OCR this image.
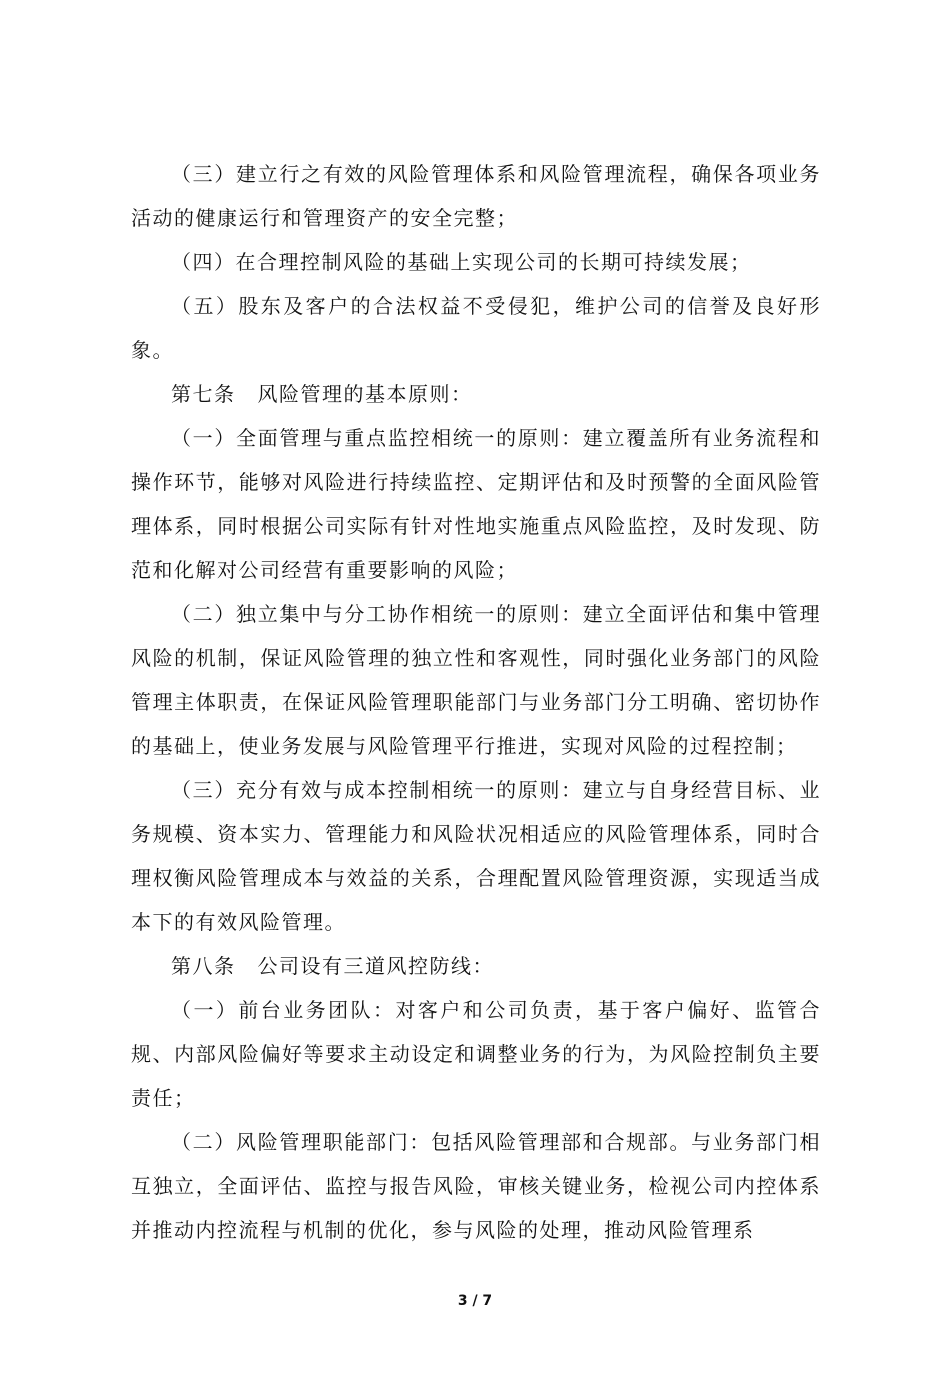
（三）建立行之有效的风险管理体系和风险管理流程，确保各项业务活动的健康运行和管理资产的安全完整；

（四）在合理控制风险的基础上实现公司的长期可持续发展；

（五）股东及客户的合法权益不受侵犯，维护公司的信誉及良好形象。

第七条 风险管理的基本原则：

（一）全面管理与重点监控相统一的原则：建立覆盖所有业务流程和操作环节，能够对风险进行持续监控、定期评估和及时预警的全面风险管理体系，同时根据公司实际有针对性地实施重点风险监控，及时发现、防范和化解对公司经营有重要影响的风险；

（二）独立集中与分工协作相统一的原则：建立全面评估和集中管理风险的机制，保证风险管理的独立性和客观性，同时强化业务部门的风险管理主体职责，在保证风险管理职能部门与业务部门分工明确、密切协作的基础上，使业务发展与风险管理平行推进，实现对风险的过程控制；

（三）充分有效与成本控制相统一的原则：建立与自身经营目标、业务规模、资本实力、管理能力和风险状况相适应的风险管理体系，同时合理权衡风险管理成本与效益的关系，合理配置风险管理资源，实现适当成本下的有效风险管理。

第八条 公司设有三道风控防线：

（一）前台业务团队：对客户和公司负责，基于客户偏好、监管合规、内部风险偏好等要求主动设定和调整业务的行为，为风险控制负主要责任；

（二）风险管理职能部门：包括风险管理部和合规部。与业务部门相互独立，全面评估、监控与报告风险，审核关键业务，检视公司内控体系并推动内控流程与机制的优化，参与风险的处理，推动风险管理系

3 / 7
